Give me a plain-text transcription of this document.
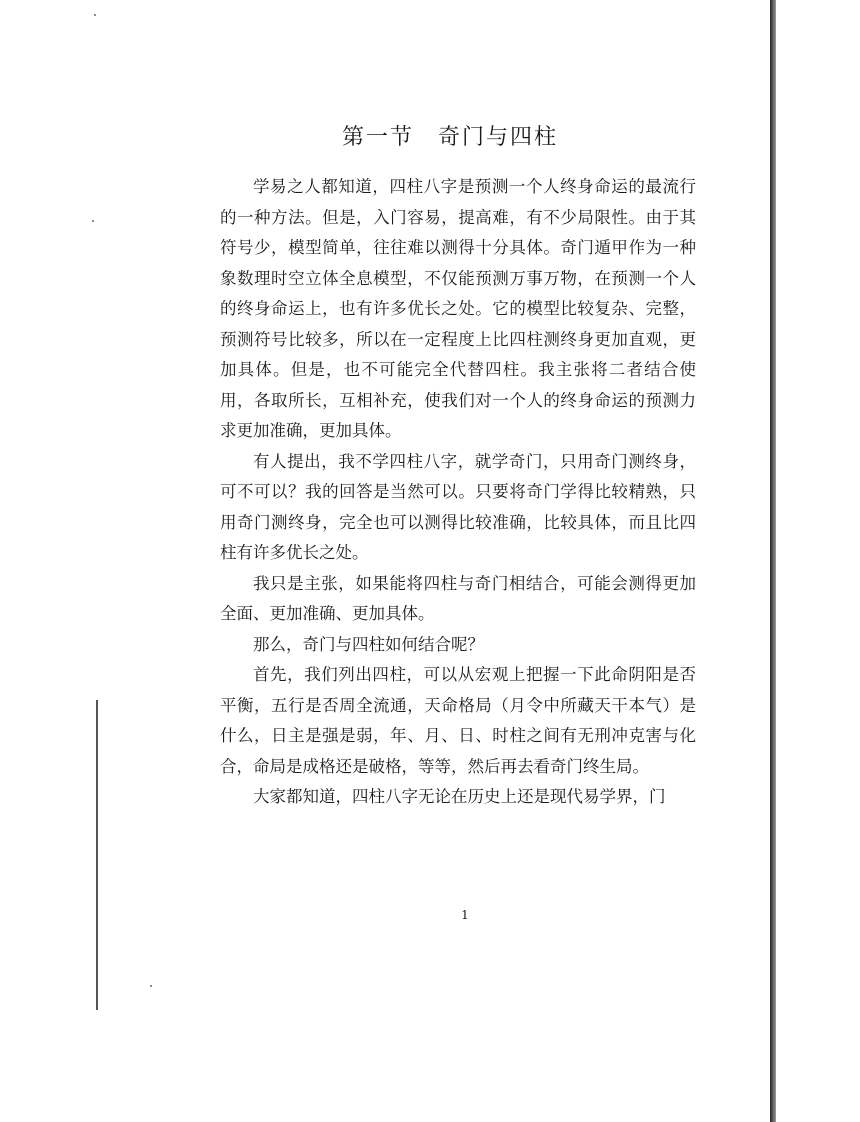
第一节　奇门与四柱

学易之人都知道，四柱八字是预测一个人终身命运的最流行的一种方法。但是，入门容易，提高难，有不少局限性。由于其符号少，模型简单，往往难以测得十分具体。奇门遁甲作为一种象数理时空立体全息模型，不仅能预测万事万物，在预测一个人的终身命运上，也有许多优长之处。它的模型比较复杂、完整，预测符号比较多，所以在一定程度上比四柱测终身更加直观，更加具体。但是，也不可能完全代替四柱。我主张将二者结合使用，各取所长，互相补充，使我们对一个人的终身命运的预测力求更加准确，更加具体。

有人提出，我不学四柱八字，就学奇门，只用奇门测终身，可不可以？我的回答是当然可以。只要将奇门学得比较精熟，只用奇门测终身，完全也可以测得比较准确，比较具体，而且比四柱有许多优长之处。

我只是主张，如果能将四柱与奇门相结合，可能会测得更加全面、更加准确、更加具体。

那么，奇门与四柱如何结合呢？

首先，我们列出四柱，可以从宏观上把握一下此命阴阳是否平衡，五行是否周全流通，天命格局（月令中所藏天干本气）是什么，日主是强是弱，年、月、日、时柱之间有无刑冲克害与化合，命局是成格还是破格，等等，然后再去看奇门终生局。

大家都知道，四柱八字无论在历史上还是现代易学界，门

1
